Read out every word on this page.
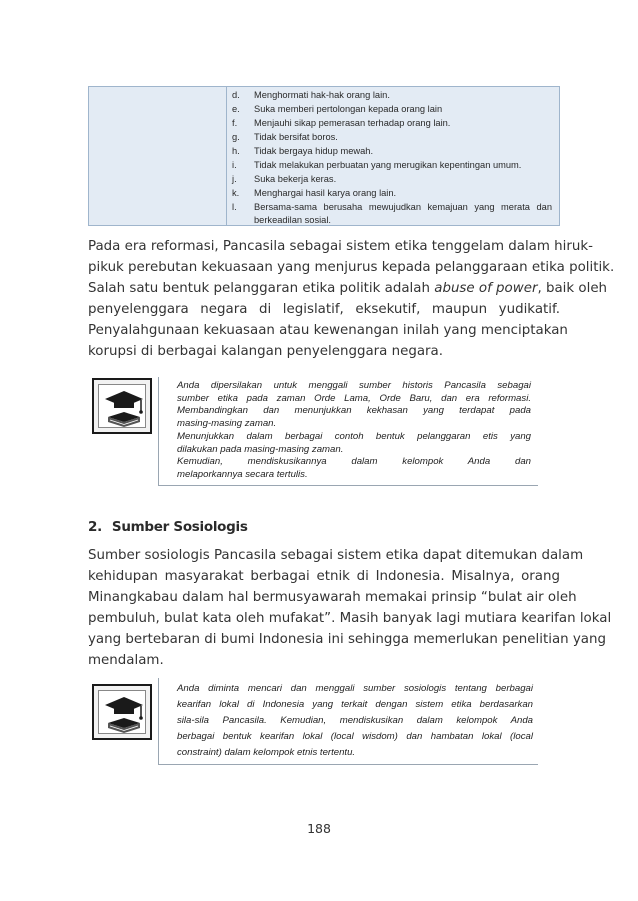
d.	Menghormati hak-hak orang lain.
e.	Suka memberi pertolongan kepada orang lain
f.	Menjauhi sikap pemerasan terhadap orang lain.
g.	Tidak bersifat boros.
h.	Tidak bergaya hidup mewah.
i.	Tidak melakukan perbuatan yang merugikan kepentingan umum.
j.	Suka bekerja keras.
k.	Menghargai hasil karya orang lain.
l.	Bersama-sama berusaha mewujudkan kemajuan yang merata dan
berkeadilan sosial.
Pada era reformasi, Pancasila sebagai sistem etika tenggelam dalam hiruk-
pikuk perebutan kekuasaan yang menjurus kepada pelanggaraan etika politik.
Salah satu bentuk pelanggaran etika politik adalah abuse of power, baik oleh
penyelenggara negara di legislatif, eksekutif, maupun yudikatif.
Penyalahgunaan kekuasaan atau kewenangan inilah yang menciptakan
korupsi di berbagai kalangan penyelenggara negara.
Anda dipersilakan untuk menggali sumber historis Pancasila sebagai
sumber etika pada zaman Orde Lama, Orde Baru, dan era reformasi.
Membandingkan dan menunjukkan kekhasan yang terdapat pada
masing-masing zaman.
Menunjukkan dalam berbagai contoh bentuk pelanggaran etis yang
dilakukan pada masing-masing zaman.
Kemudian, mendiskusikannya dalam kelompok Anda dan
melaporkannya secara tertulis.
2. Sumber Sosiologis
Sumber sosiologis Pancasila sebagai sistem etika dapat ditemukan dalam
kehidupan masyarakat berbagai etnik di Indonesia. Misalnya, orang
Minangkabau dalam hal bermusyawarah memakai prinsip “bulat air oleh
pembuluh, bulat kata oleh mufakat”. Masih banyak lagi mutiara kearifan lokal
yang bertebaran di bumi Indonesia ini sehingga memerlukan penelitian yang
mendalam.
Anda diminta mencari dan menggali sumber sosiologis tentang berbagai
kearifan lokal di Indonesia yang terkait dengan sistem etika berdasarkan
sila-sila Pancasila. Kemudian, mendiskusikan dalam kelompok Anda
berbagai bentuk kearifan lokal (local wisdom) dan hambatan lokal (local
constraint) dalam kelompok etnis tertentu.
188
